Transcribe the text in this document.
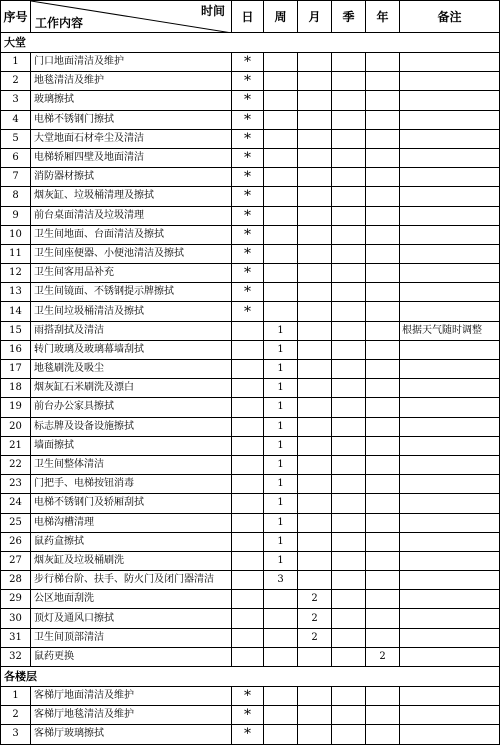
序号	时间
工作内容	日	周	月	季	年	备注
大堂							
1	门口地面清洁及维护	*					
2	地毯清洁及维护	*					
3	玻璃擦拭	*					
4	电梯不锈钢门擦拭	*					
5	大堂地面石材牵尘及清洁	*					
6	电梯轿厢四壁及地面清洁	*					
7	消防器材擦拭	*					
8	烟灰缸、垃圾桶清理及擦拭	*					
9	前台桌面清洁及垃圾清理	*					
10	卫生间地面、台面清洁及擦拭	*					
11	卫生间座便器、小便池清洁及擦拭	*					
12	卫生间客用品补充	*					
13	卫生间镜面、不锈钢提示牌擦拭	*					
14	卫生间垃圾桶清洁及擦拭	*					
15	雨搭刮拭及清洁		1				根据天气随时调整
16	转门玻璃及玻璃幕墙刮拭		1				
17	地毯刷洗及吸尘		1				
18	烟灰缸石米刷洗及漂白		1				
19	前台办公家具擦拭		1				
20	标志牌及设备设施擦拭		1				
21	墙面擦拭		1				
22	卫生间整体清洁		1				
23	门把手、电梯按钮消毒		1				
24	电梯不锈钢门及轿厢刮拭		1				
25	电梯沟槽清理		1				
26	鼠药盒擦拭		1				
27	烟灰缸及垃圾桶刷洗		1				
28	步行梯台阶、扶手、防火门及闭门器清洁		3				
29	公区地面刮洗			2			
30	顶灯及通风口擦拭			2			
31	卫生间顶部清洁			2			
32	鼠药更换					2	
各楼层							
1	客梯厅地面清洁及维护	*					
2	客梯厅地毯清洁及维护	*					
3	客梯厅玻璃擦拭	*					
